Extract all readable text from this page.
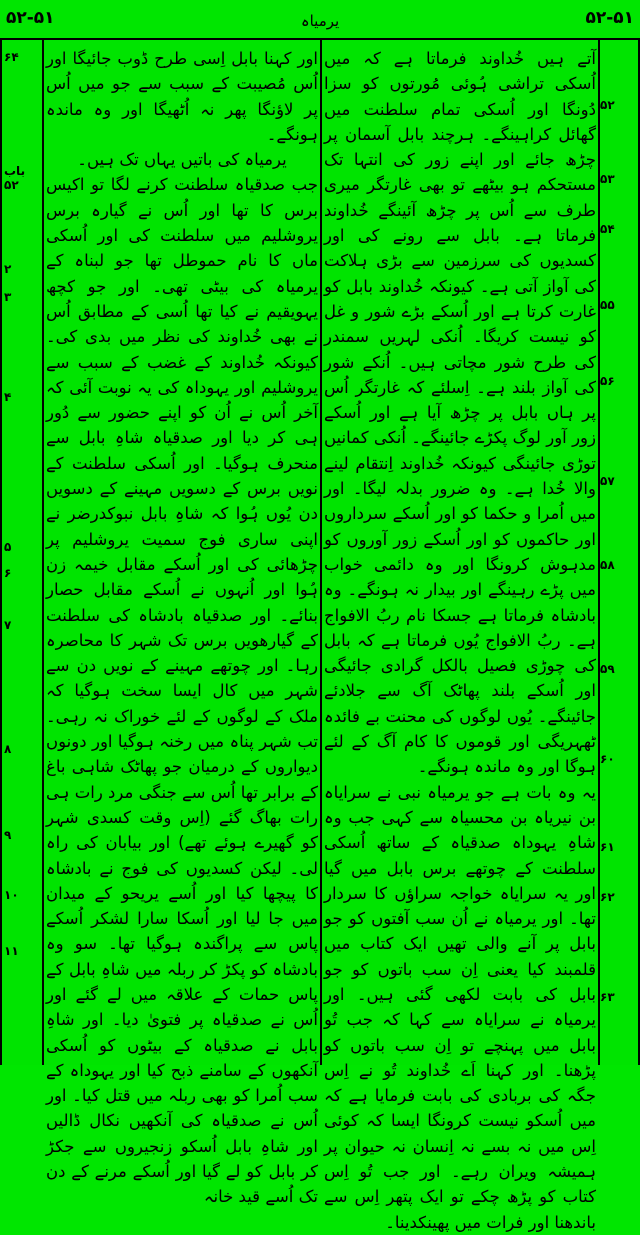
۵۲-۵۱	یرمیاہ	۵۲-۵۱
۵۲
۵۳
۵۴
۵۵
۵۶
۵۷
۵۸
۵۹
۶۰
۶۱
۶۲
۶۳

آتے ہیں خُداوند فرماتا ہے کہ میں اُسکی تراشی ہُوئی مُورتوں کو سزا دُونگا اور اُسکی تمام سلطنت میں گھائل کراہینگے۔ ہرچند بابل آسمان پر چڑھ جائے اور اپنے زور کی انتہا تک مستحکم ہو بیٹھے تو بھی غارتگر میری طرف سے اُس پر چڑھ آئینگے خُداوند فرماتا ہے۔ بابل سے رونے کی اور کسدیوں کی سرزمین سے بڑی ہلاکت کی آواز آتی ہے۔ کیونکہ خُداوند بابل کو غارت کرتا ہے اور اُسکے بڑے شور و غل کو نیست کریگا۔ اُنکی لہریں سمندر کی طرح شور مچاتی ہیں۔ اُنکے شور کی آواز بلند ہے۔ اِسلئے کہ غارتگر اُس پر ہاں بابل پر چڑھ آیا ہے اور اُسکے زور آور لوگ پکڑے جائینگے۔ اُنکی کمانیں توڑی جائینگی کیونکہ خُداوند اِنتقام لینے والا خُدا ہے۔ وہ ضرور بدلہ لیگا۔ اور میں اُمرا و حکما کو اور اُسکے سرداروں اور حاکموں کو اور اُسکے زور آوروں کو مدہوش کرونگا اور وہ دائمی خواب میں پڑے رہینگے اور بیدار نہ ہونگے۔ وہ بادشاہ فرماتا ہے جسکا نام ربُ الافواج ہے۔ ربُ الافواج یُوں فرماتا ہے کہ بابل کی چوڑی فصیل بالکل گرادی جائیگی اور اُسکے بلند پھاٹک آگ سے جلادئے جائینگے۔ یُوں لوگوں کی محنت بے فائدہ ٹھہریگی اور قوموں کا کام آگ کے لئے ہوگا اور وہ ماندہ ہونگے۔

یہ وہ بات ہے جو یرمیاہ نبی نے سرایاہ بن نیریاہ بن محسیاہ سے کہی جب وہ شاہِ یہوداہ صدقیاہ کے ساتھ اُسکی سلطنت کے چوتھے برس بابل میں گیا اور یہ سرایاہ خواجہ سراؤں کا سردار تھا۔ اور یرمیاہ نے اُن سب آفتوں کو جو بابل پر آنے والی تھیں ایک کتاب میں قلمبند کیا یعنی اِن سب باتوں کو جو بابل کی بابت لکھی گئی ہیں۔ اور یرمیاہ نے سرایاہ سے کہا کہ جب تُو بابل میں پہنچے تو اِن سب باتوں کو پڑھنا۔ اور کہنا اَے خُداوند تُو نے اِس جگہ کی بربادی کی بابت فرمایا ہے کہ میں اُسکو نیست کرونگا ایسا کہ کوئی اِس میں نہ بسے نہ اِنسان نہ حیوان پر ہمیشہ ویران رہے۔ اور جب تُو اِس کتاب کو پڑھ چکے تو ایک پتھر اِس سے باندھنا اور فرات میں پھینکدینا۔

۶۴
باب ۵۲
۲
۳
۴
۵
۶
۷
۸
۹
۱۰
۱۱

اور کہنا بابل اِسی طرح ڈوب جائیگا اور اُس مُصیبت کے سبب سے جو میں اُس پر لاؤنگا پھر نہ اُٹھیگا اور وہ ماندہ ہونگے۔

یرمیاہ کی باتیں یہاں تک ہیں۔

جب صدقیاہ سلطنت کرنے لگا تو اکیس برس کا تھا اور اُس نے گیارہ برس یروشلیم میں سلطنت کی اور اُسکی ماں کا نام حموطل تھا جو لبناہ کے یرمیاہ کی بیٹی تھی۔ اور جو کچھ یہویقیم نے کیا تھا اُسی کے مطابق اُس نے بھی خُداوند کی نظر میں بدی کی۔ کیونکہ خُداوند کے غضب کے سبب سے یروشلیم اور یہوداہ کی یہ نوبت آئی کہ آخر اُس نے اُن کو اپنے حضور سے دُور ہی کر دیا اور صدقیاہ شاہِ بابل سے منحرف ہوگیا۔ اور اُسکی سلطنت کے نویں برس کے دسویں مہینے کے دسویں دن یُوں ہُوا کہ شاہِ بابل نبوکدرضر نے اپنی ساری فوج سمیت یروشلیم پر چڑھائی کی اور اُسکے مقابل خیمہ زن ہُوا اور اُنہوں نے اُسکے مقابل حصار بنائے۔ اور صدقیاہ بادشاہ کی سلطنت کے گیارھویں برس تک شہر کا محاصرہ رہا۔ اور چوتھے مہینے کے نویں دن سے شہر میں کال ایسا سخت ہوگیا کہ ملک کے لوگوں کے لئے خوراک نہ رہی۔ تب شہر پناہ میں رخنہ ہوگیا اور دونوں دیواروں کے درمیان جو پھاٹک شاہی باغ کے برابر تھا اُس سے جنگی مرد رات ہی رات بھاگ گئے (اِس وقت کسدی شہر کو گھیرے ہوئے تھے) اور بیابان کی راہ لی۔ لیکن کسدیوں کی فوج نے بادشاہ کا پیچھا کیا اور اُسے یریحو کے میدان میں جا لیا اور اُسکا سارا لشکر اُسکے پاس سے پراگندہ ہوگیا تھا۔ سو وہ بادشاہ کو پکڑ کر ربلہ میں شاہِ بابل کے پاس حمات کے علاقہ میں لے گئے اور اُس نے صدقیاہ پر فتویٰ دیا۔ اور شاہِ بابل نے صدقیاہ کے بیٹوں کو اُسکی آنکھوں کے سامنے ذبح کیا اور یہوداہ کے سب اُمرا کو بھی ربلہ میں قتل کیا۔ اور اُس نے صدقیاہ کی آنکھیں نکال ڈالیں اور شاہِ بابل اُسکو زنجیروں سے جکڑ کر بابل کو لے گیا اور اُسکے مرنے کے دن تک اُسے قید خانہ
